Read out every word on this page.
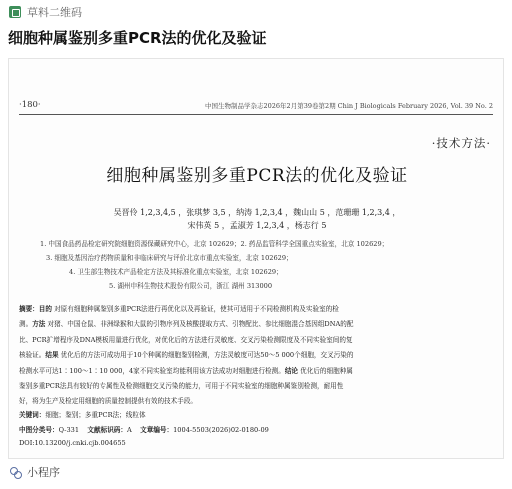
草料二维码
细胞种属鉴别多重PCR法的优化及验证
·180·	中国生物制品学杂志2026年2月第39卷第2期 Chin J Biologicals February 2026, Vol. 39 No. 2
·技术方法·
细胞种属鉴别多重PCR法的优化及验证
吴晋伶 1,2,3,4,5 ，张琪梦 3,5 ，纳涛 1,2,3,4 ，魏山山 5 ，范珊珊 1,2,3,4 ，
宋伟英 5 ，孟淑芳 1,2,3,4 ，杨志行 5
1. 中国食品药品检定研究院细胞资源保藏研究中心，北京 102629；2. 药品监管科学全国重点实验室，北京 102629；
3. 细胞及基因治疗药物质量和非临床研究与评价北京市重点实验室，北京 102629；
4. 卫生部生物技术产品检定方法及其标准化重点实验室，北京 102629；
5. 湖州申科生物技术股份有限公司，浙江 湖州 313000
摘要：目的 对原有细胞种属鉴别多重PCR法进行再优化以及再验证，使其可适用于不同检测机构及实验室的检
测。方法 对猪、中国仓鼠、非洲绿猴和大鼠的引物序列及核酸提取方式、引物配比、参比细胞混合基因组DNA的配
比、PCR扩增程序及DNA模板用量进行优化，对优化后的方法进行灵敏度、交叉污染检测限度及不同实验室间的复
核验证。结果 优化后的方法可成功用于10个种属的细胞鉴别检测，方法灵敏度可达50～5 000个细胞，交叉污染的
检测水平可达1∶100～1∶10 000，4家不同实验室均能利用该方法成功对细胞进行检测。结论 优化后的细胞种属
鉴别多重PCR法具有较好的专属性及检测细胞交叉污染的能力，可用于不同实验室的细胞种属鉴别检测，耐用性
好，将为生产及检定用细胞的质量控制提供有效的技术手段。
关键词：细胞；鉴别；多重PCR法；线粒体
中图分类号：Q-331 文献标识码：A 文章编号：1004-5503(2026)02-0180-09
DOI:10.13200/j.cnki.cjb.004655
小程序
